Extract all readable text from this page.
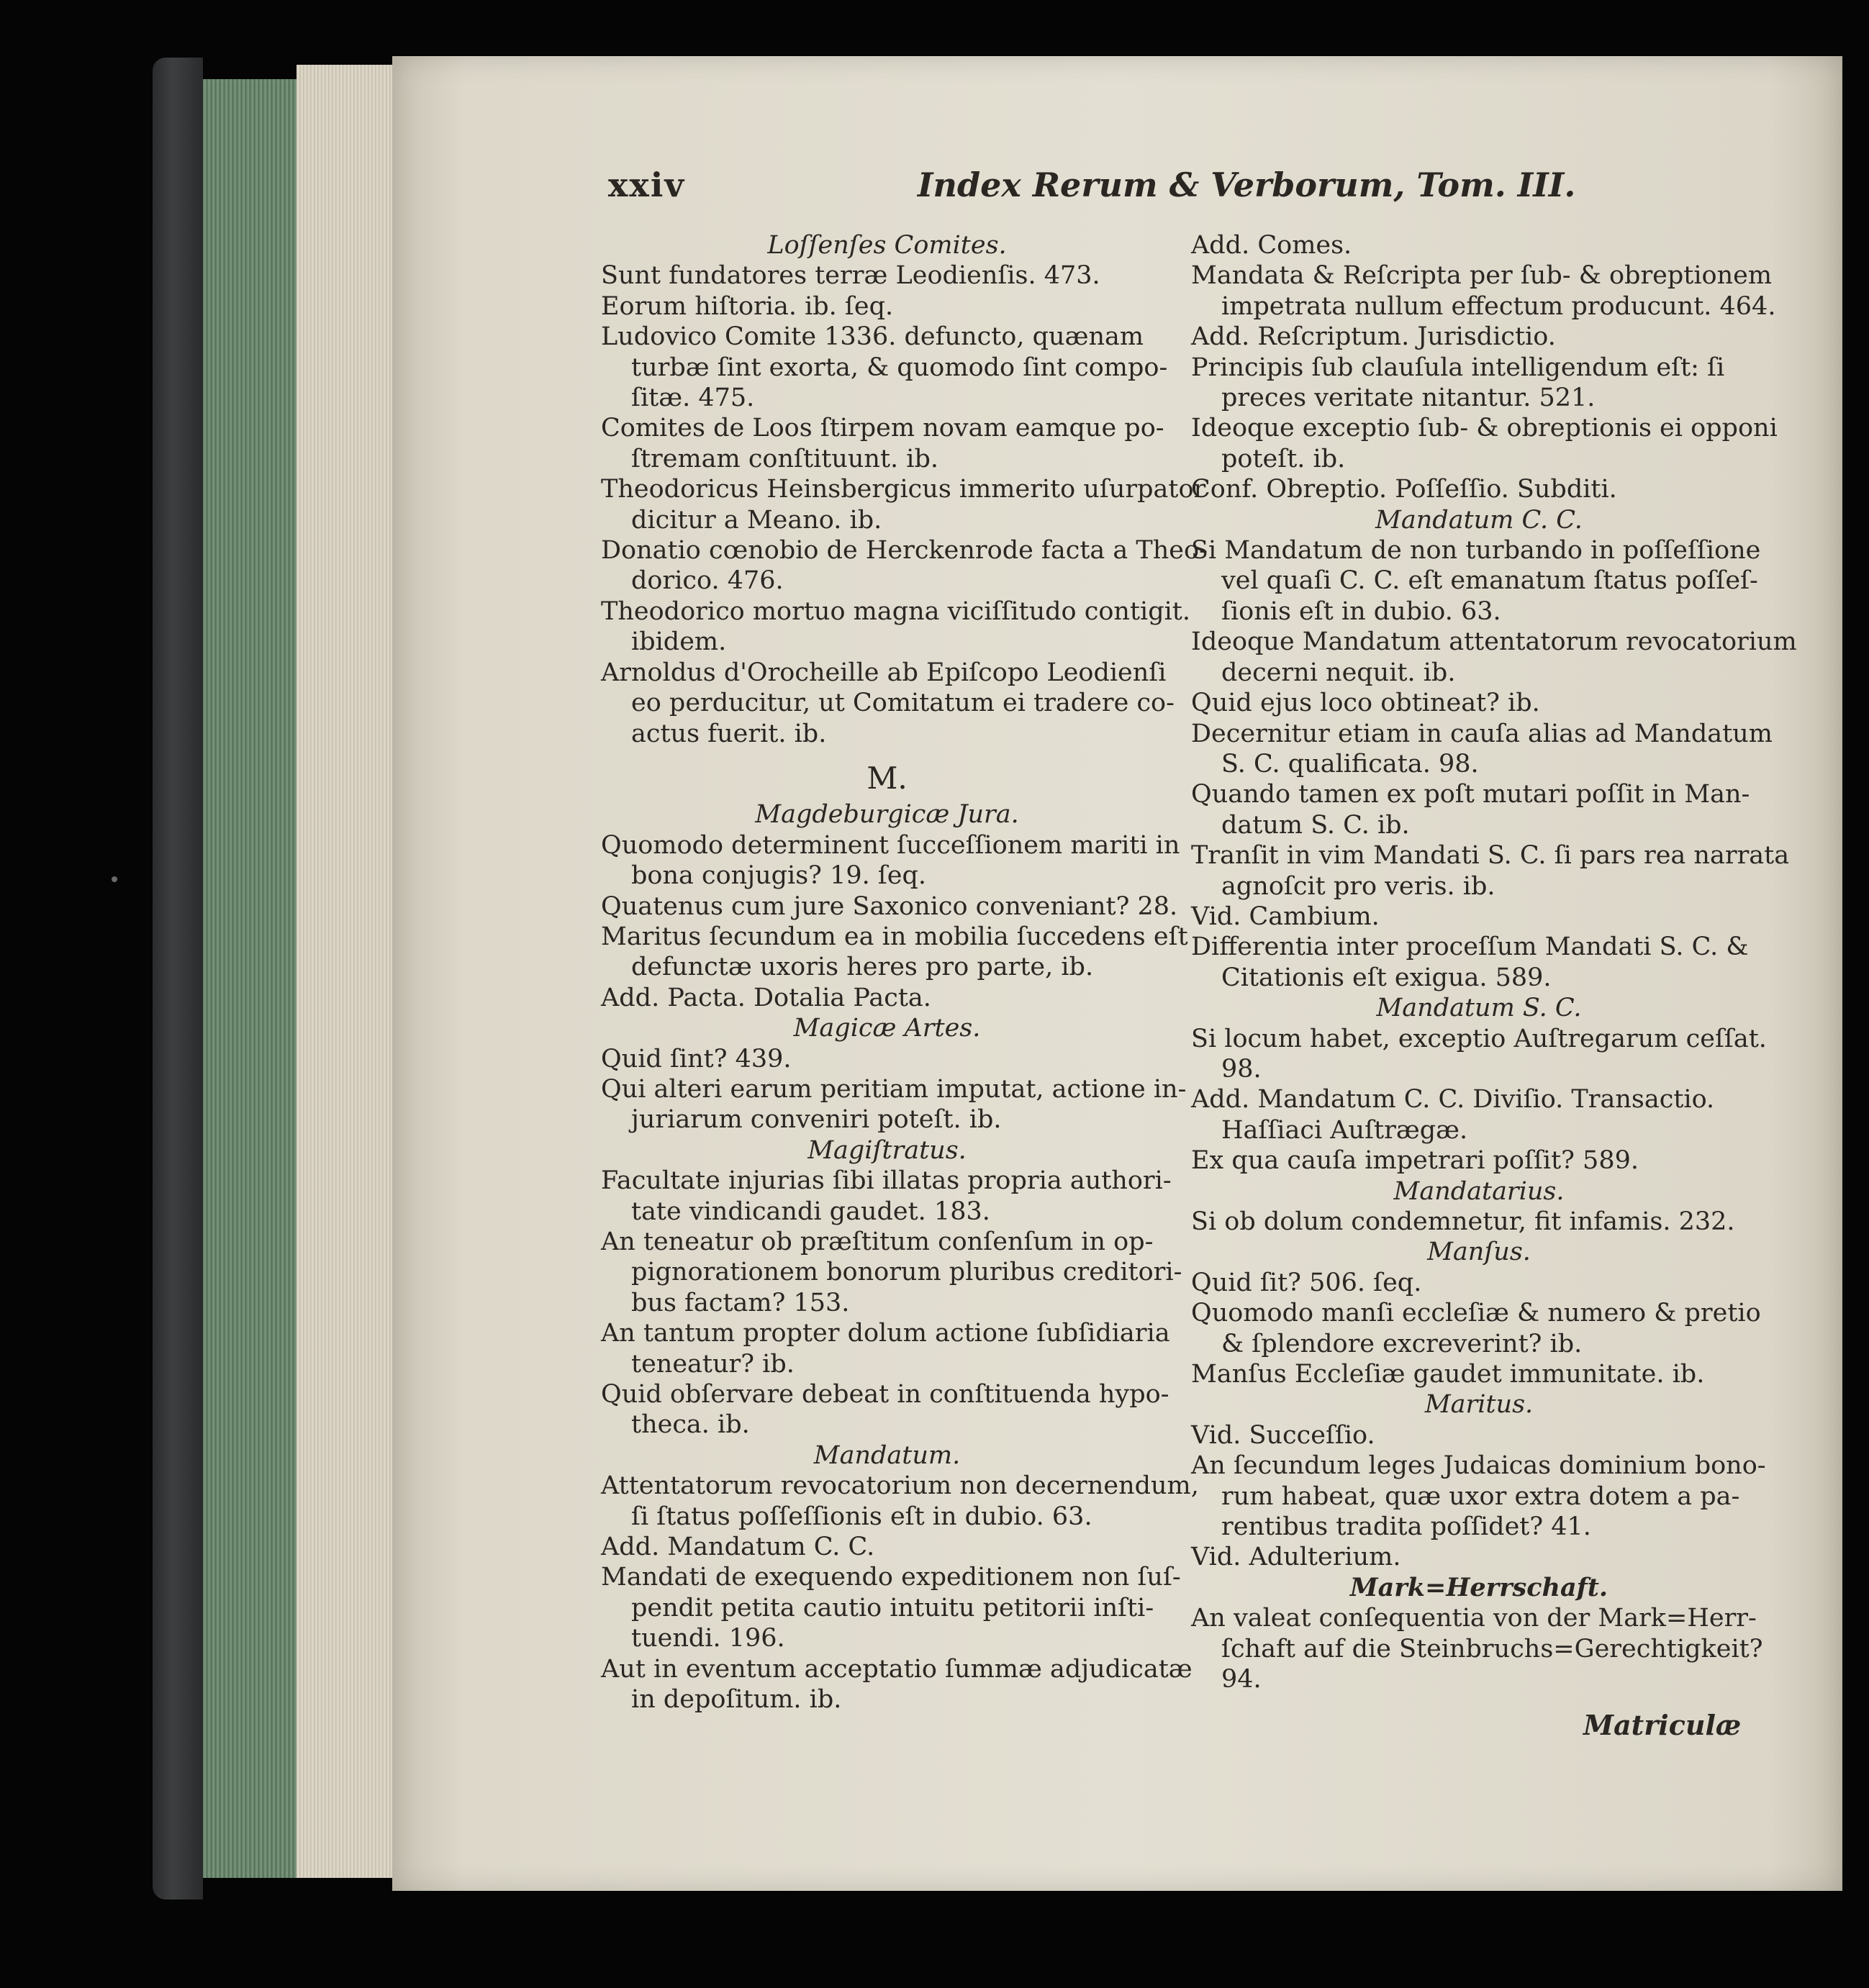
xxiv	Index Rerum & Verborum, Tom. III.

Loſſenſes Comites.

Sunt fundatores terræ Leodienſis. 473.

Eorum hiſtoria. ib. ſeq.

Ludovico Comite 1336. defuncto, quænam
turbæ ſint exorta, & quomodo ſint compo-
ſitæ. 475.

Comites de Loos ſtirpem novam eamque po-
ſtremam conſtituunt. ib.

Theodoricus Heinsbergicus immerito uſurpator
dicitur a Meano. ib.

Donatio cœnobio de Herckenrode facta a Theo-
dorico. 476.

Theodorico mortuo magna viciſſitudo contigit.
ibidem.

Arnoldus d'Orocheille ab Epiſcopo Leodienſi
eo perducitur, ut Comitatum ei tradere co-
actus fuerit. ib.

M.

Magdeburgicæ Jura.

Quomodo determinent ſucceſſionem mariti in
bona conjugis? 19. ſeq.

Quatenus cum jure Saxonico conveniant? 28.

Maritus ſecundum ea in mobilia ſuccedens eſt
defunctæ uxoris heres pro parte, ib.

Add. Pacta. Dotalia Pacta.

Magicæ Artes.

Quid ſint? 439.

Qui alteri earum peritiam imputat, actione in-
juriarum conveniri poteſt. ib.

Magiſtratus.

Facultate injurias ſibi illatas propria authori-
tate vindicandi gaudet. 183.

An teneatur ob præſtitum conſenſum in op-
pignorationem bonorum pluribus creditori-
bus factam? 153.

An tantum propter dolum actione ſubſidiaria
teneatur? ib.

Quid obſervare debeat in conſtituenda hypo-
theca. ib.

Mandatum.

Attentatorum revocatorium non decernendum,
ſi ſtatus poſſeſſionis eſt in dubio. 63.

Add. Mandatum C. C.

Mandati de exequendo expeditionem non ſuſ-
pendit petita cautio intuitu petitorii inſti-
tuendi. 196.

Aut in eventum acceptatio ſummæ adjudicatæ
in depoſitum. ib.

Add. Comes.

Mandata & Reſcripta per ſub- & obreptionem
impetrata nullum effectum producunt. 464.

Add. Reſcriptum. Jurisdictio.

Principis ſub clauſula intelligendum eſt: ſi
preces veritate nitantur. 521.

Ideoque exceptio ſub- & obreptionis ei opponi
poteſt. ib.

Conf. Obreptio. Poſſeſſio. Subditi.

Mandatum C. C.

Si Mandatum de non turbando in poſſeſſione
vel quaſi C. C. eſt emanatum ſtatus poſſeſ-
ſionis eſt in dubio. 63.

Ideoque Mandatum attentatorum revocatorium
decerni nequit. ib.

Quid ejus loco obtineat? ib.

Decernitur etiam in cauſa alias ad Mandatum
S. C. qualificata. 98.

Quando tamen ex poſt mutari poſſit in Man-
datum S. C. ib.

Tranſit in vim Mandati S. C. ſi pars rea narrata
agnoſcit pro veris. ib.

Vid. Cambium.

Differentia inter proceſſum Mandati S. C. &
Citationis eſt exigua. 589.

Mandatum S. C.

Si locum habet, exceptio Auſtregarum ceſſat.
98.

Add. Mandatum C. C. Diviſio. Transactio.
Haſſiaci Auſtrægæ.

Ex qua cauſa impetrari poſſit? 589.

Mandatarius.

Si ob dolum condemnetur, fit infamis. 232.

Manſus.

Quid ſit? 506. ſeq.

Quomodo manſi eccleſiæ & numero & pretio
& ſplendore excreverint? ib.

Manſus Eccleſiæ gaudet immunitate. ib.

Maritus.

Vid. Succeſſio.

An ſecundum leges Judaicas dominium bono-
rum habeat, quæ uxor extra dotem a pa-
rentibus tradita poſſidet? 41.

Vid. Adulterium.

Mark=Herrschaft.

An valeat conſequentia von der Mark=Herr-
ſchaft auf die Steinbruchs=Gerechtigkeit?
94.

Matriculæ
